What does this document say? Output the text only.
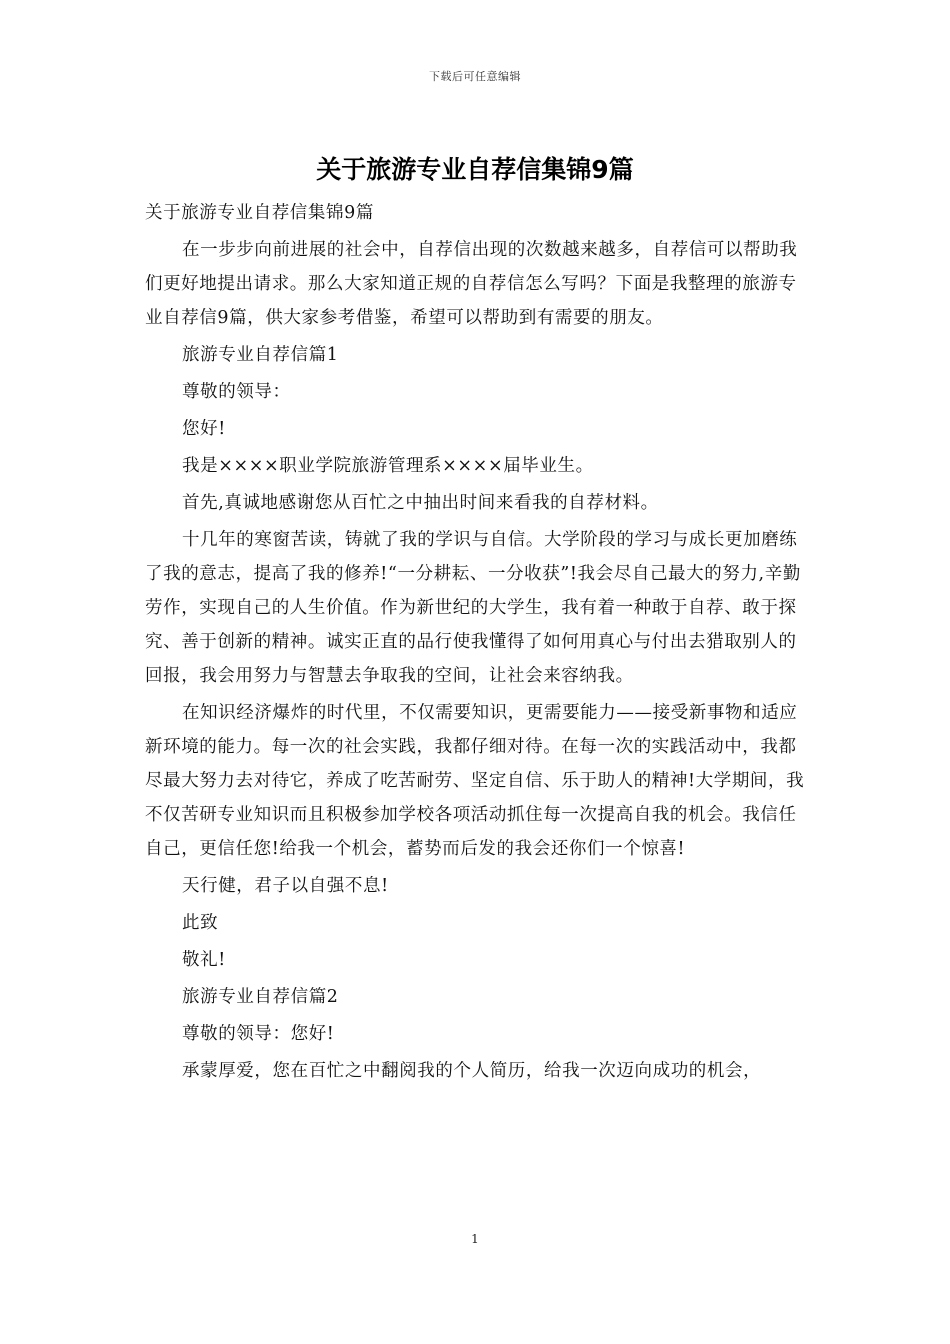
下载后可任意编辑
关于旅游专业自荐信集锦9篇

关于旅游专业自荐信集锦9篇

在一步步向前进展的社会中，自荐信出现的次数越来越多，自荐信可以帮助我们更好地提出请求。那么大家知道正规的自荐信怎么写吗？下面是我整理的旅游专业自荐信9篇，供大家参考借鉴，希望可以帮助到有需要的朋友。

旅游专业自荐信篇1

尊敬的领导：

您好!

我是××××职业学院旅游管理系××××届毕业生。

首先,真诚地感谢您从百忙之中抽出时间来看我的自荐材料。

十几年的寒窗苦读，铸就了我的学识与自信。大学阶段的学习与成长更加磨练了我的意志，提高了我的修养!“一分耕耘、一分收获”!我会尽自己最大的努力,辛勤劳作，实现自己的人生价值。作为新世纪的大学生，我有着一种敢于自荐、敢于探究、善于创新的精神。诚实正直的品行使我懂得了如何用真心与付出去猎取别人的回报，我会用努力与智慧去争取我的空间，让社会来容纳我。

在知识经济爆炸的时代里，不仅需要知识，更需要能力——接受新事物和适应新环境的能力。每一次的社会实践，我都仔细对待。在每一次的实践活动中，我都尽最大努力去对待它，养成了吃苦耐劳、坚定自信、乐于助人的精神!大学期间，我不仅苦研专业知识而且积极参加学校各项活动抓住每一次提高自我的机会。我信任自己，更信任您!给我一个机会，蓄势而后发的我会还你们一个惊喜!

天行健，君子以自强不息!

此致

敬礼!

旅游专业自荐信篇2

尊敬的领导：您好!

承蒙厚爱，您在百忙之中翻阅我的个人简历，给我一次迈向成功的机会，

1
